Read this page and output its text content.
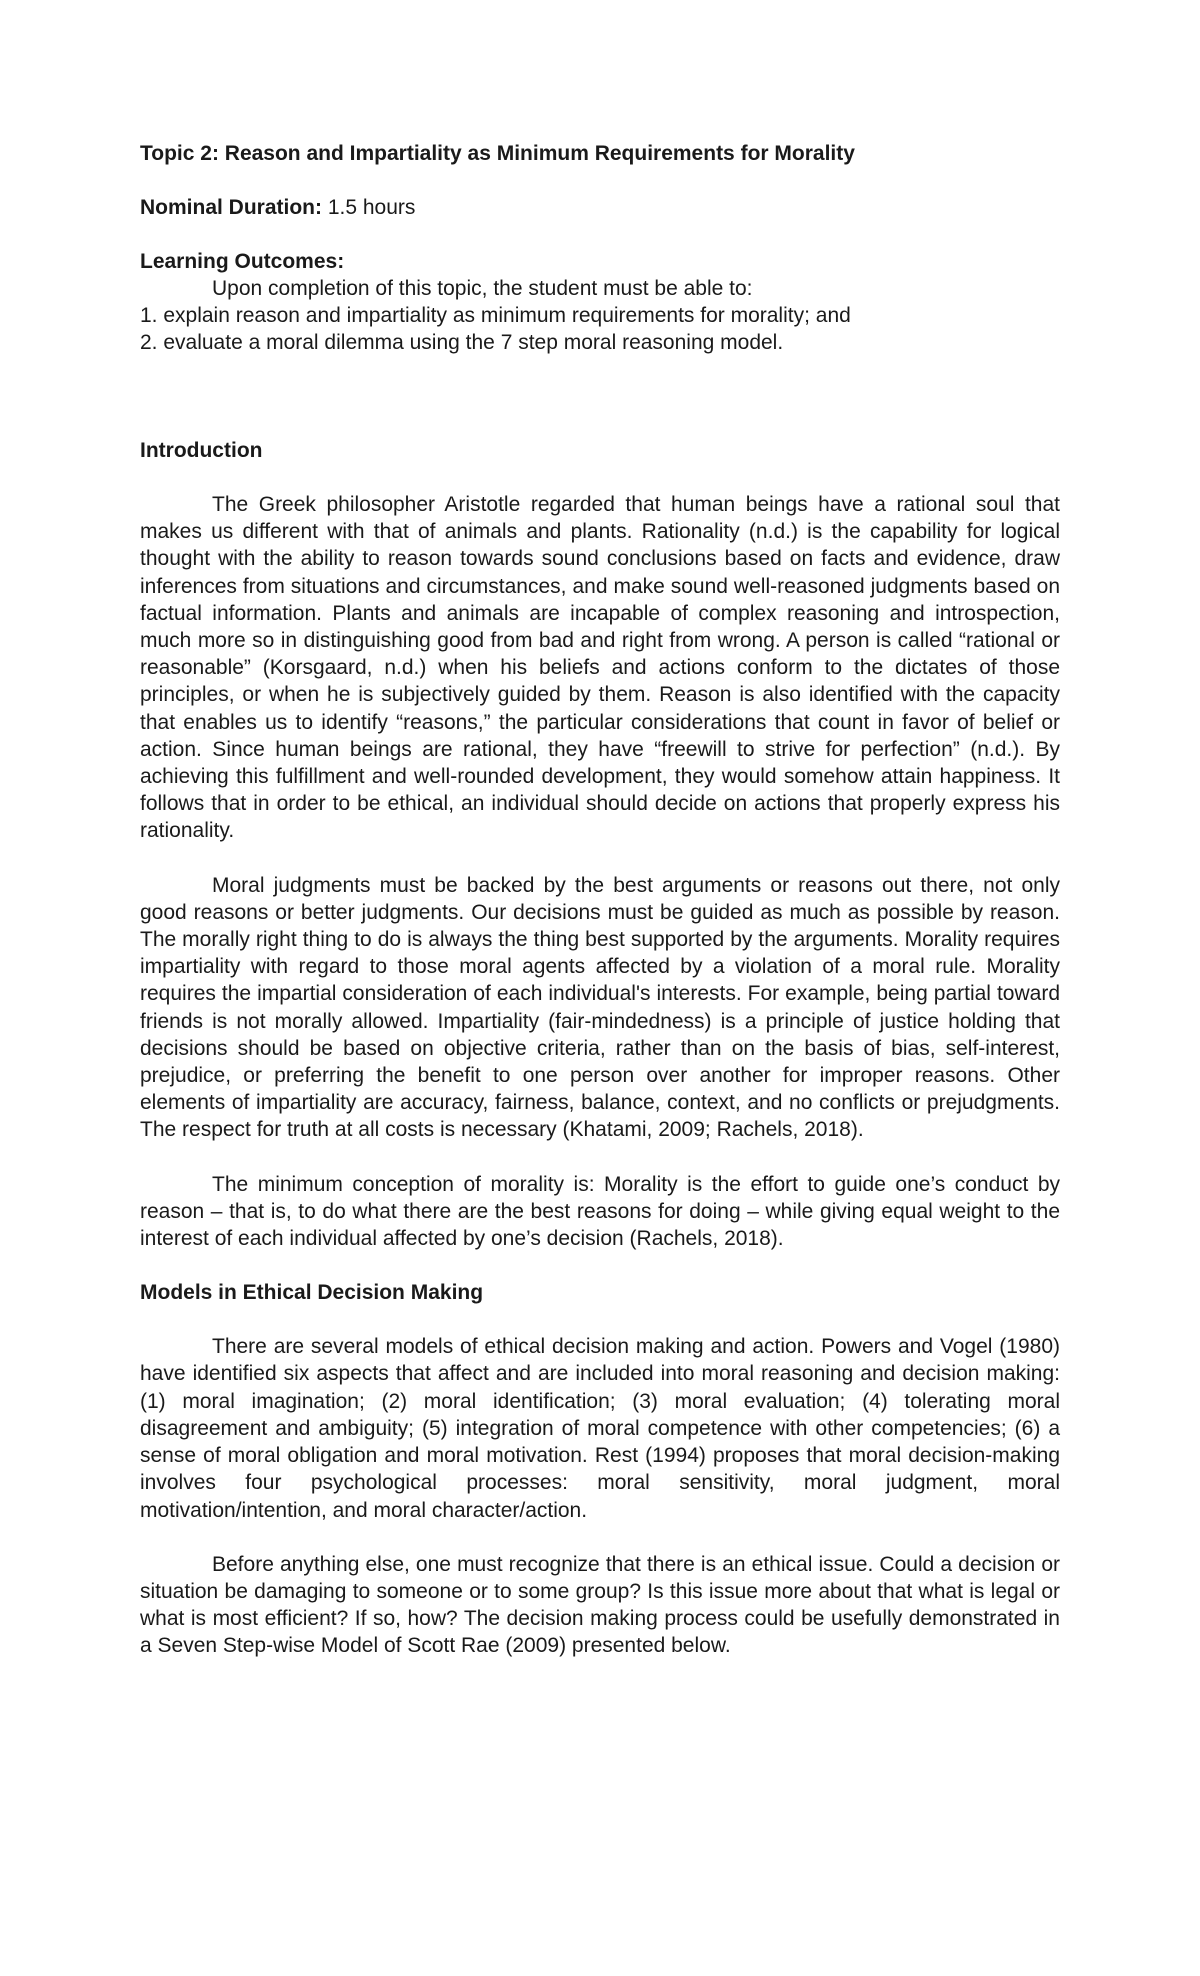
Topic 2: Reason and Impartiality as Minimum Requirements for Morality

Nominal Duration: 1.5 hours

Learning Outcomes:

Upon completion of this topic, the student must be able to:

1. explain reason and impartiality as minimum requirements for morality; and

2. evaluate a moral dilemma using the 7 step moral reasoning model.

Introduction

The Greek philosopher Aristotle regarded that human beings have a rational soul that makes us different with that of animals and plants. Rationality (n.d.) is the capability for logical thought with the ability to reason towards sound conclusions based on facts and evidence, draw inferences from situations and circumstances, and make sound well-reasoned judgments based on factual information. Plants and animals are incapable of complex reasoning and introspection, much more so in distinguishing good from bad and right from wrong. A person is called “rational or reasonable” (Korsgaard, n.d.) when his beliefs and actions conform to the dictates of those principles, or when he is subjectively guided by them. Reason is also identified with the capacity that enables us to identify “reasons,” the particular considerations that count in favor of belief or action. Since human beings are rational, they have “freewill to strive for perfection” (n.d.). By achieving this fulfillment and well-rounded development, they would somehow attain happiness. It follows that in order to be ethical, an individual should decide on actions that properly express his rationality.

Moral judgments must be backed by the best arguments or reasons out there, not only good reasons or better judgments. Our decisions must be guided as much as possible by reason. The morally right thing to do is always the thing best supported by the arguments. Morality requires impartiality with regard to those moral agents affected by a violation of a moral rule. Morality requires the impartial consideration of each individual's interests. For example, being partial toward friends is not morally allowed. Impartiality (fair-mindedness) is a principle of justice holding that decisions should be based on objective criteria, rather than on the basis of bias, self-interest, prejudice, or preferring the benefit to one person over another for improper reasons. Other elements of impartiality are accuracy, fairness, balance, context, and no conflicts or prejudgments. The respect for truth at all costs is necessary (Khatami, 2009; Rachels, 2018).

The minimum conception of morality is: Morality is the effort to guide one’s conduct by reason – that is, to do what there are the best reasons for doing – while giving equal weight to the interest of each individual affected by one’s decision (Rachels, 2018).

Models in Ethical Decision Making

There are several models of ethical decision making and action. Powers and Vogel (1980) have identified six aspects that affect and are included into moral reasoning and decision making: (1) moral imagination; (2) moral identification; (3) moral evaluation; (4) tolerating moral disagreement and ambiguity; (5) integration of moral competence with other competencies; (6) a sense of moral obligation and moral motivation. Rest (1994) proposes that moral decision-making involves four psychological processes: moral sensitivity, moral judgment, moral motivation/intention, and moral character/action.

Before anything else, one must recognize that there is an ethical issue. Could a decision or situation be damaging to someone or to some group? Is this issue more about that what is legal or what is most efficient? If so, how? The decision making process could be usefully demonstrated in a Seven Step-wise Model of Scott Rae (2009) presented below.
